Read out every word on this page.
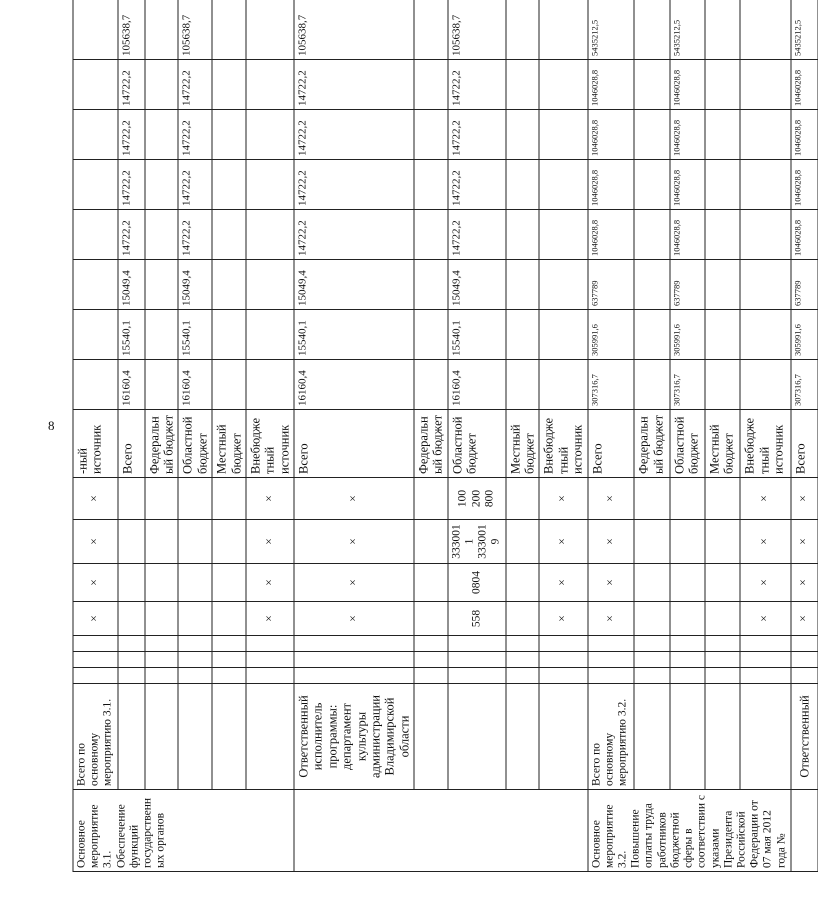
8
Основное мероприятие 3.1. Обеспечение функций государственных органов	Всего по основному мероприятию 3.1.				×	×	×	×	-ный источник								
									Всего	16160,4	15540,1	15049,4	14722,2	14722,2	14722,2	14722,2	105638,7
									Федеральный бюджет								
									Областной бюджет	16160,4	15540,1	15049,4	14722,2	14722,2	14722,2	14722,2	105638,7
									Местный бюджет								
					×	×	×	×	Внебюджетный источник								
	Ответственный исполнитель программы: департамент культуры администрации Владимирской области				×	×	×	×	Всего	16160,4	15540,1	15049,4	14722,2	14722,2	14722,2	14722,2	105638,7
									Федеральный бюджет								
					558	0804	333001 1 333001 9	100 200 800	Областной бюджет	16160,4	15540,1	15049,4	14722,2	14722,2	14722,2	14722,2	105638,7
									Местный бюджет								
					×	×	×	×	Внебюджетный источник								
Основное мероприятие 3.2. Повышение оплаты труда работников бюджетной сферы в соответствии с указами Президента Российской Федерации от 07 мая 2012 года №	Всего по основному мероприятию 3.2.				×	×	×	×	Всего	307316,7	305991,6	637789	1046028,8	1046028,8	1046028,8	1046028,8	5435212,5
									Федеральный бюджет								
									Областной бюджет	307316,7	305991,6	637789	1046028,8	1046028,8	1046028,8	1046028,8	5435212,5
									Местный бюджет								
					×	×	×	×	Внебюджетный источник								
	Ответственный				×	×	×	×	Всего	307316,7	305991,6	637789	1046028,8	1046028,8	1046028,8	1046028,8	5435212,5
